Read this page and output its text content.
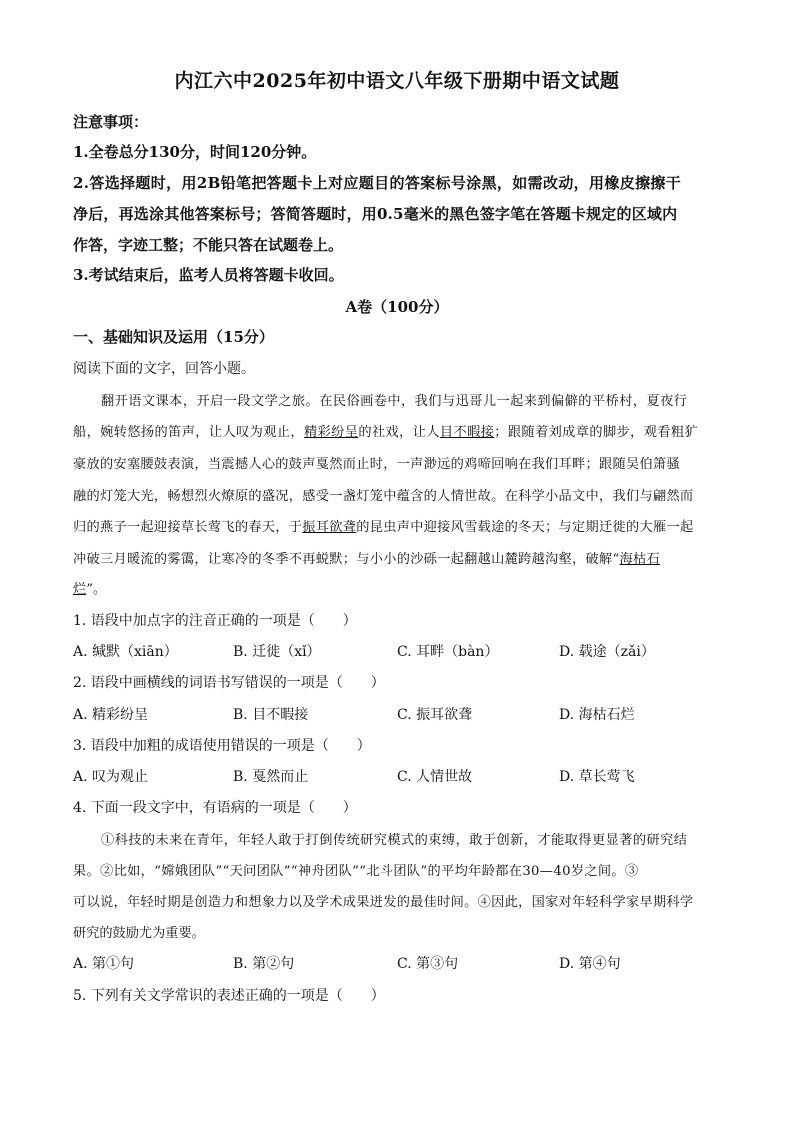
内江六中2025年初中语文八年级下册期中语文试题
注意事项：
1.全卷总分130分，时间120分钟。
2.答选择题时，用2B铅笔把答题卡上对应题目的答案标号涂黑，如需改动，用橡皮擦擦干
净后，再选涂其他答案标号；答简答题时，用0.5毫米的黑色签字笔在答题卡规定的区域内
作答，字迹工整；不能只答在试题卷上。
3.考试结束后，监考人员将答题卡收回。
A卷（100分）
一、基础知识及运用（15分）
阅读下面的文字，回答小题。
翻开语文课本，开启一段文学之旅。在民俗画卷中，我们与迅哥儿一起来到偏僻的平桥村，夏夜行
船，婉转悠扬的笛声，让人叹为观止，精彩纷呈的社戏，让人目不暇接；跟随着刘成章的脚步，观看粗犷
豪放的安塞腰鼓表演，当震撼人心的鼓声戛然而止时，一声渺远的鸡啼回响在我们耳畔；跟随吴伯箫骚
融的灯笼大光，畅想烈火燎原的盛况，感受一盏灯笼中蕴含的人情世故。在科学小品文中，我们与翩然而
归的燕子一起迎接草长莺飞的春天，于振耳欲聋的昆虫声中迎接风雪载途的冬天；与定期迁徙的大雁一起
冲破三月暖流的雾霭，让寒冷的冬季不再蜕默；与小小的沙砾一起翻越山麓跨越沟壑，破解“海枯石
烂”。
1. 语段中加点字的注音正确的一项是（　　）
A. 缄默（xiān）	B. 迁徙（xǐ）	C. 耳畔（bàn）	D. 载途（zǎi）
2. 语段中画横线的词语书写错误的一项是（　　）
A. 精彩纷呈	B. 目不暇接	C. 振耳欲聋	D. 海枯石烂
3. 语段中加粗的成语使用错误的一项是（　　）
A. 叹为观止	B. 戛然而止	C. 人情世故	D. 草长莺飞
4. 下面一段文字中，有语病的一项是（　　）
①科技的未来在青年，年轻人敢于打倒传统研究模式的束缚，敢于创新，才能取得更显著的研究结
果。②比如，“嫦娥团队”“天问团队”“神舟团队”“北斗团队”的平均年龄都在30—40岁之间。③
可以说，年轻时期是创造力和想象力以及学术成果迸发的最佳时间。④因此，国家对年轻科学家早期科学
研究的鼓励尤为重要。
A. 第①句	B. 第②句	C. 第③句	D. 第④句
5. 下列有关文学常识的表述正确的一项是（　　）
